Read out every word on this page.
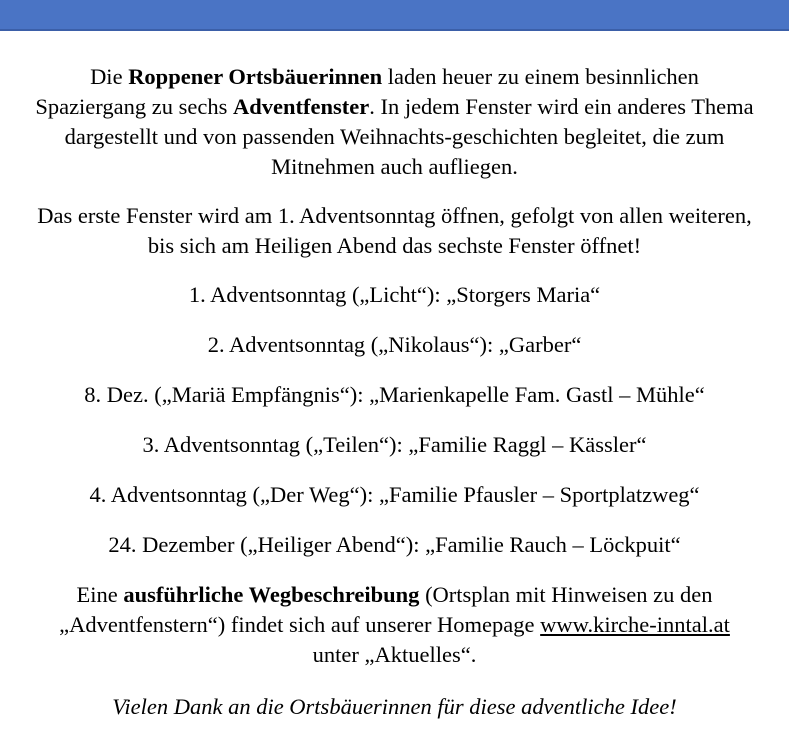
Die Roppener Ortsbäuerinnen laden heuer zu einem besinnlichen Spaziergang zu sechs Adventfenster. In jedem Fenster wird ein anderes Thema dargestellt und von passenden Weihnachts-geschichten begleitet, die zum Mitnehmen auch aufliegen.

Das erste Fenster wird am 1. Adventsonntag öffnen, gefolgt von allen weiteren, bis sich am Heiligen Abend das sechste Fenster öffnet!

1. Adventsonntag („Licht“): „Storgers Maria“
2. Adventsonntag („Nikolaus“): „Garber“
8. Dez. („Mariä Empfängnis“): „Marienkapelle Fam. Gastl – Mühle“
3. Adventsonntag („Teilen“): „Familie Raggl – Kässler“
4. Adventsonntag („Der Weg“): „Familie Pfausler – Sportplatzweg“
24. Dezember („Heiliger Abend“): „Familie Rauch – Löckpuit“

Eine ausführliche Wegbeschreibung (Ortsplan mit Hinweisen zu den „Adventfenstern“) findet sich auf unserer Homepage www.kirche-inntal.at unter „Aktuelles“.

Vielen Dank an die Ortsbäuerinnen für diese adventliche Idee!
